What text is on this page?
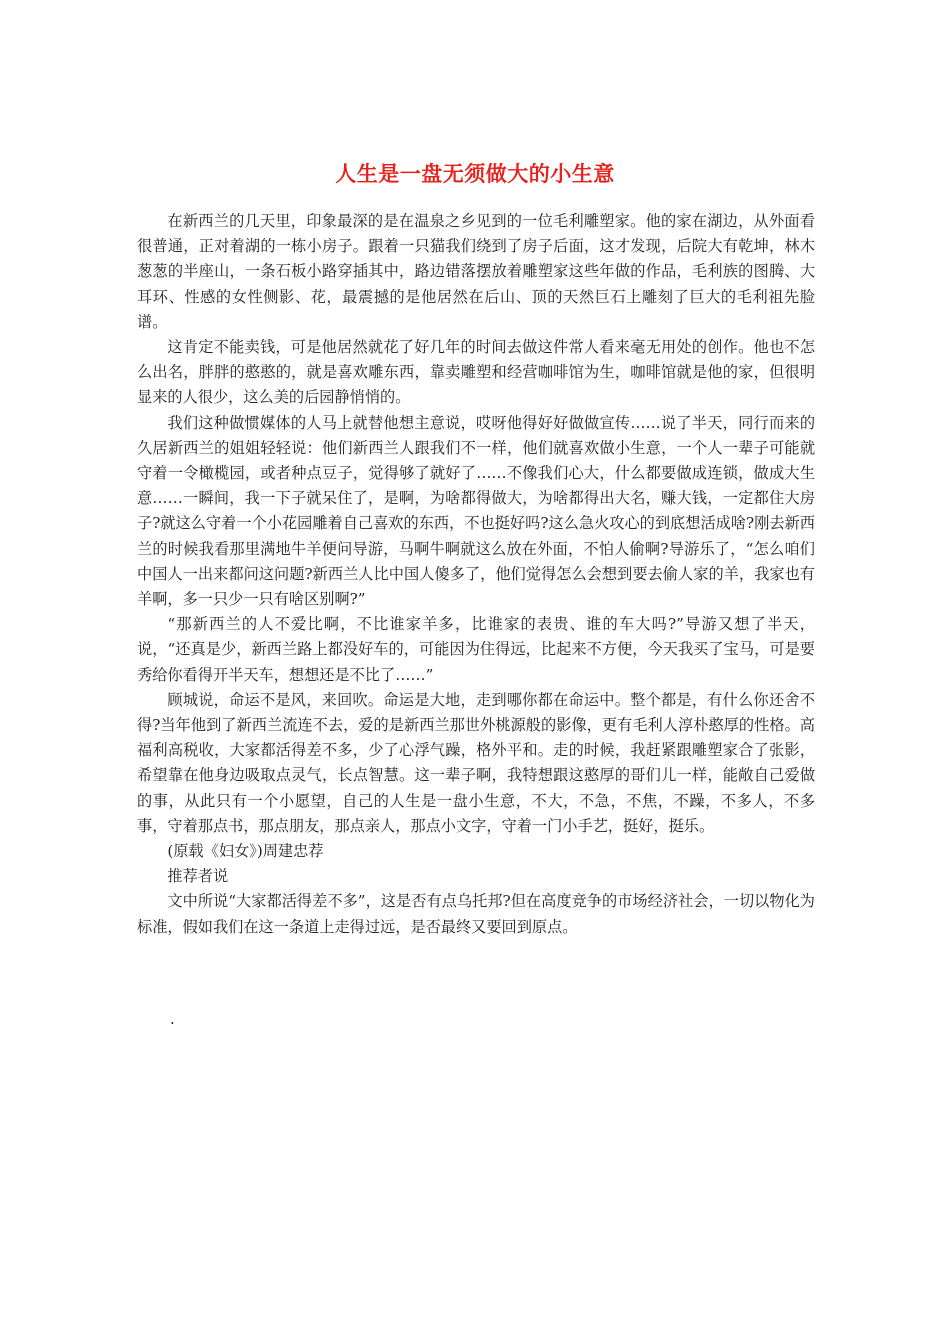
人生是一盘无须做大的小生意

在新西兰的几天里，印象最深的是在温泉之乡见到的一位毛利雕塑家。他的家在湖边，从外面看很普通，正对着湖的一栋小房子。跟着一只猫我们绕到了房子后面，这才发现，后院大有乾坤，林木葱葱的半座山，一条石板小路穿插其中，路边错落摆放着雕塑家这些年做的作品，毛利族的图腾、大耳环、性感的女性侧影、花，最震撼的是他居然在后山、顶的天然巨石上雕刻了巨大的毛利祖先脸谱。

这肯定不能卖钱，可是他居然就花了好几年的时间去做这件常人看来毫无用处的创作。他也不怎么出名，胖胖的憨憨的，就是喜欢雕东西，靠卖雕塑和经营咖啡馆为生，咖啡馆就是他的家，但很明显来的人很少，这么美的后园静悄悄的。

我们这种做惯媒体的人马上就替他想主意说，哎呀他得好好做做宣传……说了半天，同行而来的久居新西兰的姐姐轻轻说：他们新西兰人跟我们不一样，他们就喜欢做小生意，一个人一辈子可能就守着一令橄榄园，或者种点豆子，觉得够了就好了……不像我们心大，什么都要做成连锁，做成大生意……一瞬间，我一下子就呆住了，是啊，为啥都得做大，为啥都得出大名，赚大钱，一定都住大房子?就这么守着一个小花园雕着自己喜欢的东西，不也挺好吗?这么急火攻心的到底想活成啥?刚去新西兰的时候我看那里满地牛羊便问导游，马啊牛啊就这么放在外面，不怕人偷啊?导游乐了，“怎么咱们中国人一出来都问这问题?新西兰人比中国人傻多了，他们觉得怎么会想到要去偷人家的羊，我家也有羊啊，多一只少一只有啥区别啊?”

“那新西兰的人不爱比啊，不比谁家羊多，比谁家的表贵、谁的车大吗?”导游又想了半天，说，“还真是少，新西兰路上都没好车的，可能因为住得远，比起来不方便，今天我买了宝马，可是要秀给你看得开半天车，想想还是不比了……”

顾城说，命运不是风，来回吹。命运是大地，走到哪你都在命运中。整个都是，有什么你还舍不得?当年他到了新西兰流连不去，爱的是新西兰那世外桃源般的影像，更有毛利人淳朴憨厚的性格。高福利高税收，大家都活得差不多，少了心浮气躁，格外平和。走的时候，我赶紧跟雕塑家合了张影，希望靠在他身边吸取点灵气，长点智慧。这一辈子啊，我特想跟这憨厚的哥们儿一样，能敞自己爱做的事，从此只有一个小愿望，自己的人生是一盘小生意，不大，不急，不焦，不躁，不多人，不多事，守着那点书，那点朋友，那点亲人，那点小文字，守着一门小手艺，挺好，挺乐。

(原载《妇女》)周建忠荐

推荐者说

文中所说“大家都活得差不多”，这是否有点乌托邦?但在高度竞争的市场经济社会，一切以物化为标准，假如我们在这一条道上走得过远，是否最终又要回到原点。

.
